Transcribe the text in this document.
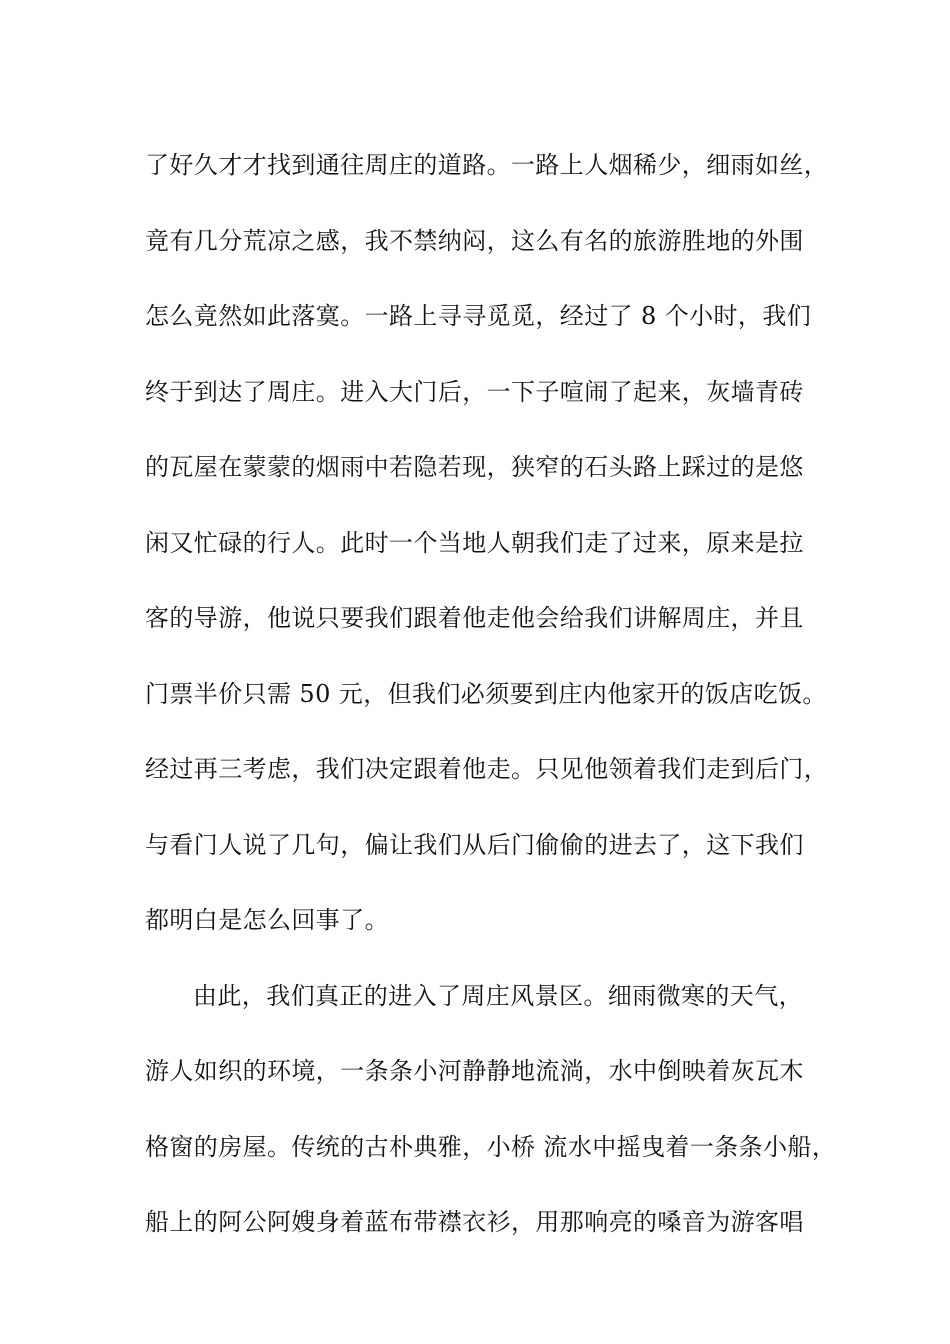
了好久才才找到通往周庄的道路。一路上人烟稀少，细雨如丝，
竟有几分荒凉之感，我不禁纳闷，这么有名的旅游胜地的外围
怎么竟然如此落寞。一路上寻寻觅觅，经过了 8 个小时，我们
终于到达了周庄。进入大门后，一下子喧闹了起来，灰墙青砖
的瓦屋在蒙蒙的烟雨中若隐若现，狭窄的石头路上踩过的是悠
闲又忙碌的行人。此时一个当地人朝我们走了过来，原来是拉
客的导游，他说只要我们跟着他走他会给我们讲解周庄，并且
门票半价只需 50 元，但我们必须要到庄内他家开的饭店吃饭。
经过再三考虑，我们决定跟着他走。只见他领着我们走到后门，
与看门人说了几句，偏让我们从后门偷偷的进去了，这下我们
都明白是怎么回事了。
由此，我们真正的进入了周庄风景区。细雨微寒的天气，
游人如织的环境，一条条小河静静地流淌，水中倒映着灰瓦木
格窗的房屋。传统的古朴典雅，小桥 流水中摇曳着一条条小船，
船上的阿公阿嫂身着蓝布带襟衣衫，用那响亮的嗓音为游客唱
